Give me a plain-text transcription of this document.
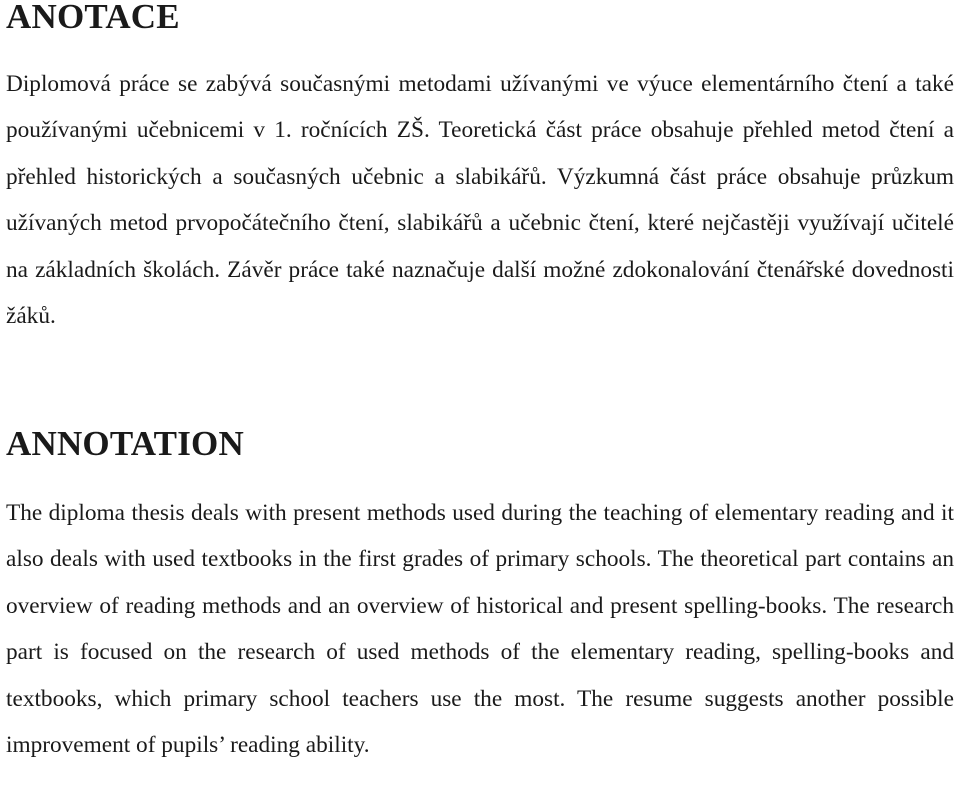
ANOTACE

Diplomová práce se zabývá současnými metodami užívanými ve výuce elementárního čtení a také používanými učebnicemi v 1. ročnících ZŠ. Teoretická část práce obsahuje přehled metod čtení a přehled historických a současných učebnic a slabikářů. Výzkumná část práce obsahuje průzkum užívaných metod prvopočátečního čtení, slabikářů a učebnic čtení, které nejčastěji využívají učitelé na základních školách. Závěr práce také naznačuje další možné zdokonalování čtenářské dovednosti žáků.

ANNOTATION

The diploma thesis deals with present methods used during the teaching of elementary reading and it also deals with used textbooks in the first grades of primary schools. The theoretical part contains an overview of reading methods and an overview of historical and present spelling-books. The research part is focused on the research of used methods of the elementary reading, spelling-books and textbooks, which primary school teachers use the most. The resume suggests another possible improvement of pupils’ reading ability.
